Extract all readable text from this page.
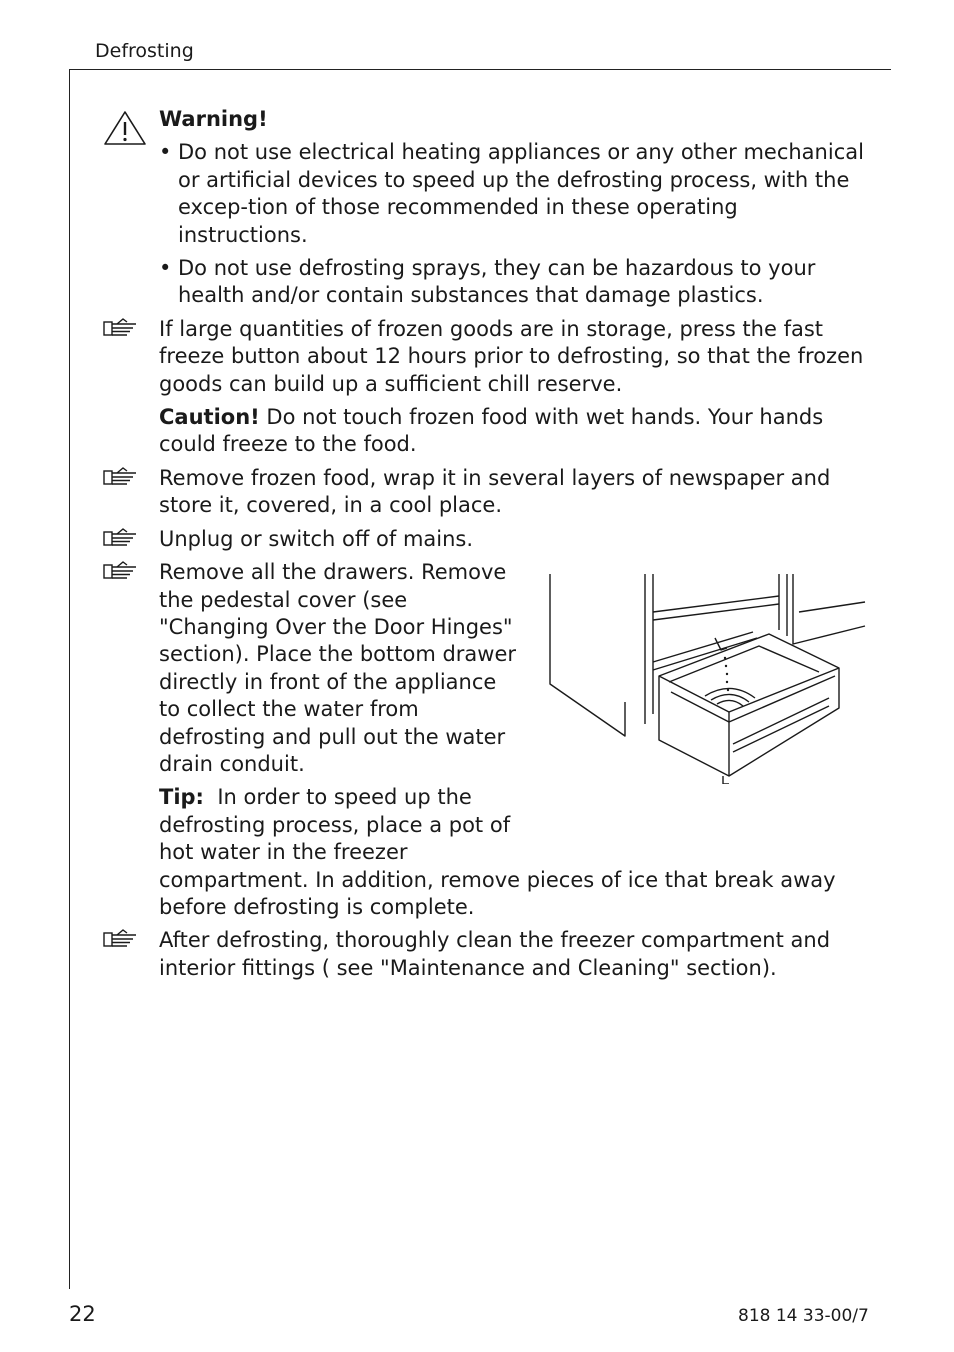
Defrosting

Warning!

• Do not use electrical heating appliances or any other mechanical or artificial devices to speed up the defrosting process, with the excep-tion of those recommended in these operating instructions.
• Do not use defrosting sprays, they can be hazardous to your health and/or contain substances that damage plastics.

If large quantities of frozen goods are in storage, press the fast freeze button about 12 hours prior to defrosting, so that the frozen goods can build up a sufficient chill reserve.

Caution! Do not touch frozen food with wet hands. Your hands could freeze to the food.

Remove frozen food, wrap it in several layers of newspaper and store it, covered, in a cool place.

Unplug or switch off of mains.

Remove all the drawers. Remove the pedestal cover (see "Changing Over the Door Hinges" section). Place the bottom drawer directly in front of the appliance to collect the water from defrosting and pull out the water drain conduit.

Tip: In order to speed up the
defrosting process, place a pot of
hot water in the freezer
compartment. In addition, remove pieces of ice that break away before defrosting is complete.

After defrosting, thoroughly clean the freezer compartment and interior fittings ( see "Maintenance and Cleaning" section).

22	818 14 33-00/7
